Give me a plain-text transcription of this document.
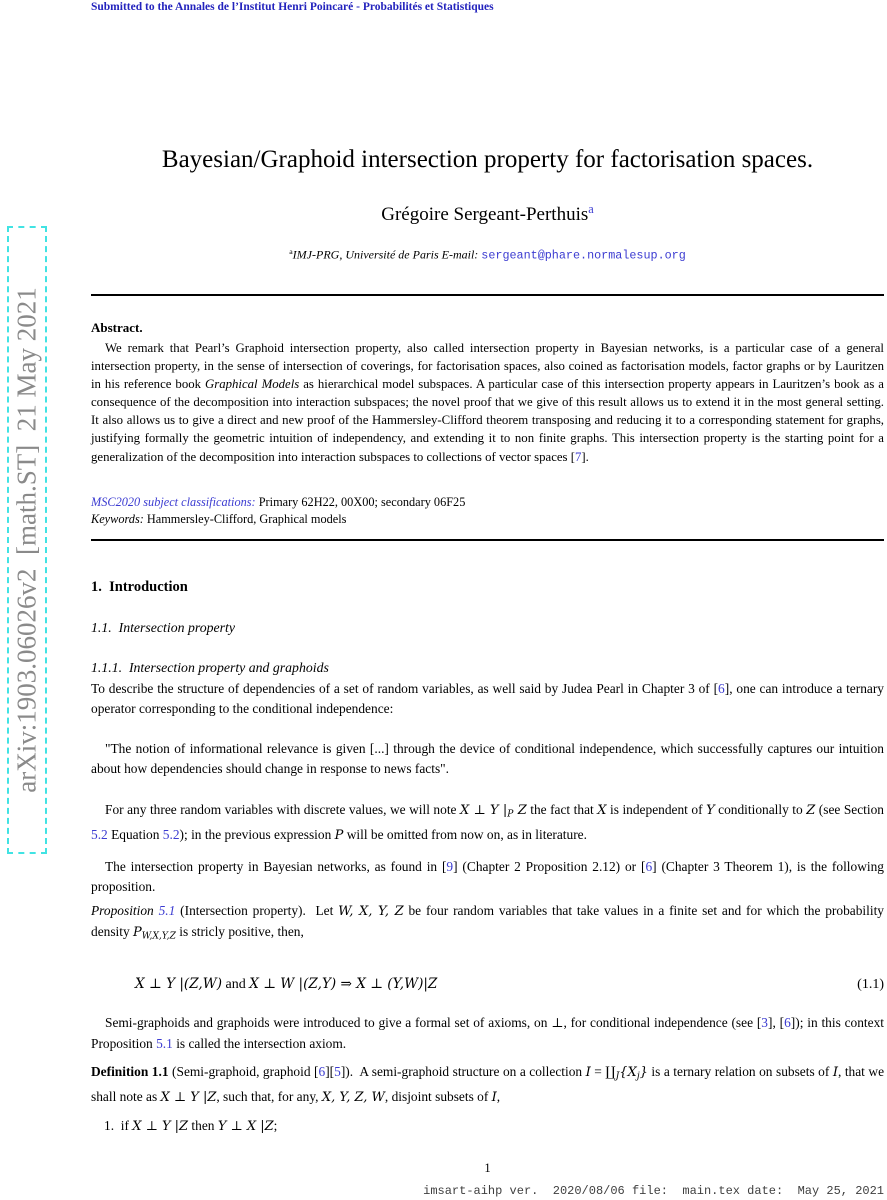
arXiv:1903.06026v2  [math.ST]  21 May 2021
Submitted to the Annales de l’Institut Henri Poincaré - Probabilités et Statistiques
Bayesian/Graphoid intersection property for factorisation spaces.
Grégoire Sergeant-Perthuis$^a$
$^a$IMJ-PRG, Université de Paris E-mail: sergeant@phare.normalesup.org
Abstract.
We remark that Pearl’s Graphoid intersection property, also called intersection property in Bayesian networks, is a particular case of a general intersection property, in the sense of intersection of coverings, for factorisation spaces, also coined as factorisation models, factor graphs or by Lauritzen in his reference book Graphical Models as hierarchical model subspaces. A particular case of this intersection property appears in Lauritzen’s book as a consequence of the decomposition into interaction subspaces; the novel proof that we give of this result allows us to extend it in the most general setting. It also allows us to give a direct and new proof of the Hammersley-Clifford theorem transposing and reducing it to a corresponding statement for graphs, justifying formally the geometric intuition of independency, and extending it to non finite graphs. This intersection property is the starting point for a generalization of the decomposition into interaction subspaces to collections of vector spaces [7].
MSC2020 subject classifications: Primary 62H22, 00X00; secondary 06F25
Keywords: Hammersley-Clifford, Graphical models
1.  Introduction
1.1.  Intersection property
1.1.1.  Intersection property and graphoids
To describe the structure of dependencies of a set of random variables, as well said by Judea Pearl in Chapter 3 of [6], one can introduce a ternary operator corresponding to the conditional independence:
"The notion of informational relevance is given [...] through the device of conditional independence, which successfully captures our intuition about how dependencies should change in response to news facts".
For any three random variables with discrete values, we will note X ⊥ Y $|_P$ Z the fact that X is independent of Y conditionally to Z (see Section 5.2 Equation 5.2); in the previous expression P will be omitted from now on, as in literature.
The intersection property in Bayesian networks, as found in [9] (Chapter 2 Proposition 2.12) or [6] (Chapter 3 Theorem 1), is the following proposition.
Proposition 5.1 (Intersection property).  Let W, X, Y, Z be four random variables that take values in a finite set and for which the probability density $P_{W,X,Y,Z}$ is stricly positive, then,
X ⊥ Y |(Z,W) and X ⊥ W |(Z,Y) ⇒ X ⊥ (Y,W)|Z	(1.1)
Semi-graphoids and graphoids were introduced to give a formal set of axioms, on ⊥, for conditional independence (see [3], [6]); in this context Proposition 5.1 is called the intersection axiom.
Definition 1.1 (Semi-graphoid, graphoid [6][5]).  A semi-graphoid structure on a collection $I = ∐_J\{X_j\}$ is a ternary relation on subsets of I, that we shall note as X ⊥ Y |Z, such that, for any, X, Y, Z, W, disjoint subsets of I,
1.  if X ⊥ Y |Z then Y ⊥ X |Z;
1
imsart-aihp ver.  2020/08/06 file:  main.tex date:  May 25, 2021
